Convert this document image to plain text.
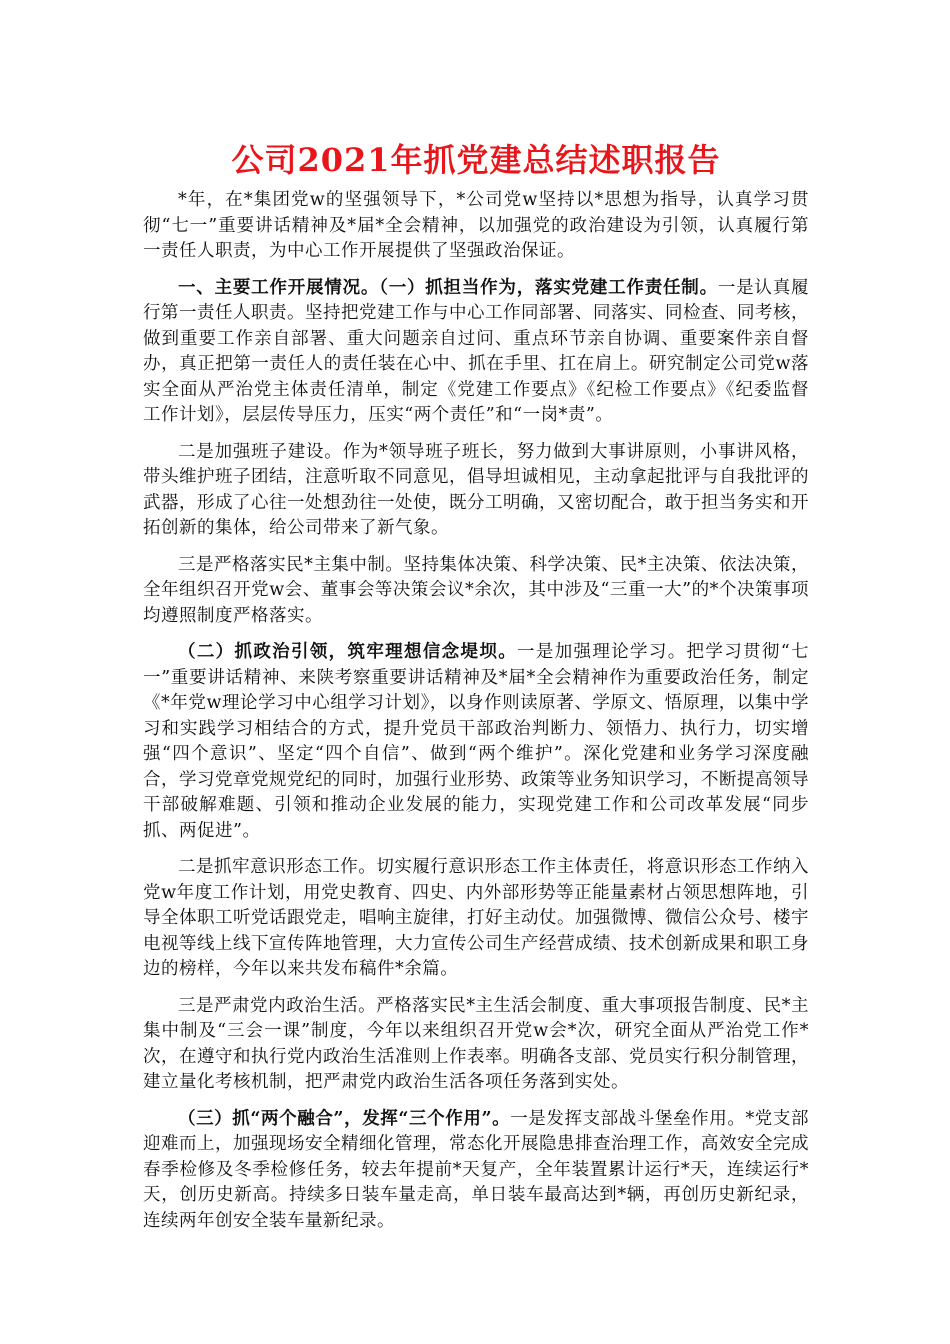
公司2021年抓党建总结述职报告

*年，在*集团党w的坚强领导下，*公司党w坚持以*思想为指导，认真学习贯彻“七一”重要讲话精神及*届*全会精神，以加强党的政治建设为引领，认真履行第一责任人职责，为中心工作开展提供了坚强政治保证。

一、主要工作开展情况。（一）抓担当作为，落实党建工作责任制。一是认真履行第一责任人职责。坚持把党建工作与中心工作同部署、同落实、同检查、同考核，做到重要工作亲自部署、重大问题亲自过问、重点环节亲自协调、重要案件亲自督办，真正把第一责任人的责任装在心中、抓在手里、扛在肩上。研究制定公司党w落实全面从严治党主体责任清单，制定《党建工作要点》《纪检工作要点》《纪委监督工作计划》，层层传导压力，压实“两个责任”和“一岗*责”。

二是加强班子建设。作为*领导班子班长，努力做到大事讲原则，小事讲风格，带头维护班子团结，注意听取不同意见，倡导坦诚相见，主动拿起批评与自我批评的武器，形成了心往一处想劲往一处使，既分工明确，又密切配合，敢于担当务实和开拓创新的集体，给公司带来了新气象。

三是严格落实民*主集中制。坚持集体决策、科学决策、民*主决策、依法决策，全年组织召开党w会、董事会等决策会议*余次，其中涉及“三重一大”的*个决策事项均遵照制度严格落实。

（二）抓政治引领，筑牢理想信念堤坝。一是加强理论学习。把学习贯彻“七一”重要讲话精神、来陕考察重要讲话精神及*届*全会精神作为重要政治任务，制定《*年党w理论学习中心组学习计划》，以身作则读原著、学原文、悟原理，以集中学习和实践学习相结合的方式，提升党员干部政治判断力、领悟力、执行力，切实增强“四个意识”、坚定“四个自信”、做到“两个维护”。深化党建和业务学习深度融合，学习党章党规党纪的同时，加强行业形势、政策等业务知识学习，不断提高领导干部破解难题、引领和推动企业发展的能力，实现党建工作和公司改革发展“同步抓、两促进”。

二是抓牢意识形态工作。切实履行意识形态工作主体责任，将意识形态工作纳入党w年度工作计划，用党史教育、四史、内外部形势等正能量素材占领思想阵地，引导全体职工听党话跟党走，唱响主旋律，打好主动仗。加强微博、微信公众号、楼宇电视等线上线下宣传阵地管理，大力宣传公司生产经营成绩、技术创新成果和职工身边的榜样，今年以来共发布稿件*余篇。

三是严肃党内政治生活。严格落实民*主生活会制度、重大事项报告制度、民*主集中制及“三会一课”制度，今年以来组织召开党w会*次，研究全面从严治党工作*次，在遵守和执行党内政治生活准则上作表率。明确各支部、党员实行积分制管理，建立量化考核机制，把严肃党内政治生活各项任务落到实处。

（三）抓“两个融合”，发挥“三个作用”。一是发挥支部战斗堡垒作用。*党支部迎难而上，加强现场安全精细化管理，常态化开展隐患排查治理工作，高效安全完成春季检修及冬季检修任务，较去年提前*天复产，全年装置累计运行*天，连续运行*天，创历史新高。持续多日装车量走高，单日装车最高达到*辆，再创历史新纪录，连续两年创安全装车量新纪录。
